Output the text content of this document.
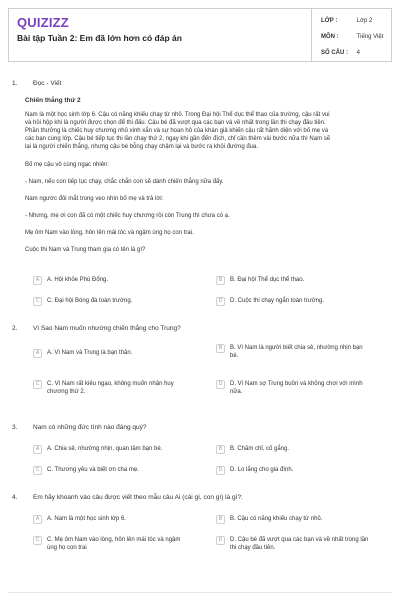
QUIZIZZ
Bài tập Tuần 2: Em đã lớn hơn có đáp án
LỚP :	Lớp 2
MÔN :	Tiếng Việt
SỐ CÂU : 4
1. Đọc - Viết
Chiến thắng thứ 2
Nam là một học sinh lớp 6. Cậu có năng khiếu chạy từ nhỏ. Trong Đại hội Thể dục thể thao của trường, cậu rất vui
và hồi hộp khi là người được chọn để thi đấu. Cậu bé đã vượt qua các bạn và về nhất trong lần thi chạy đầu tiên.
Phần thưởng là chiếc huy chương nhỏ xinh xắn và sự hoan hô của khán giả khiến cậu rất hãnh diện với bố mẹ và
các bạn cùng lớp. Cậu bé tiếp tục thi lần chạy thứ 2, ngay khi gần đến đích, chỉ cần thêm vài bước nữa thì Nam sẽ
lại là người chiến thắng, nhưng cậu bé bỗng chạy chậm lại và bước ra khỏi đường đua.
Bố mẹ cậu vô cùng ngạc nhiên:
- Nam, nếu con tiếp tục chạy, chắc chắn con sẽ dành chiến thắng nữa đấy.
Nam ngước đôi mắt trong veo nhìn bố mẹ và trả lời:
- Nhưng, mẹ ơi con đã có một chiếc huy chương rồi còn Trung thì chưa có ạ.
Mẹ ôm Nam vào lòng, hôn lên mái tóc và ngậm ùng họ con trai.
Cuộc thi Nam và Trung tham gia có tên là gì?
A	A. Hội khỏe Phù Đổng.	B	B. Đại hội Thể dục thể thao.
C	C. Đại hội Bóng đá toàn trường.	D	D. Cuộc thi chạy ngắn toàn trường.
2. Vì Sao Nam muốn nhường chiến thắng cho Trung?
A	A. Vì Nam và Trung là bạn thân.
B	B. Vì Nam là người biết chia sẻ, nhường nhịn bạn bè.
C	C. Vì Nam rất kiêu ngạo, không muốn nhận huy chương thứ 2.
D	D. Vì Nam sợ Trung buồn và không chơi với mình nữa.
3. Nam có những đức tính nào đáng quý?
A	A. Chia sẻ, nhường nhịn, quan tâm bạn bè.	B	B. Chăm chỉ, cố gắng.
C	C. Thương yêu và biết ơn cha mẹ.	D	D. Lo lắng cho gia đình.
4. Em hãy khoanh vào câu được viết theo mẫu câu Ai (cái gì, con gì) là gì?:
A	A. Nam là một học sinh lớp 6.	B	B. Cậu có năng khiếu chạy từ nhỏ.
C	C. Mẹ ôm Nam vào lòng, hôn lên mái tóc và ngậm ùng họ con trai
D	D. Cậu bé đã vượt qua các bạn và về nhất trong lần thi chạy đầu tiên.
